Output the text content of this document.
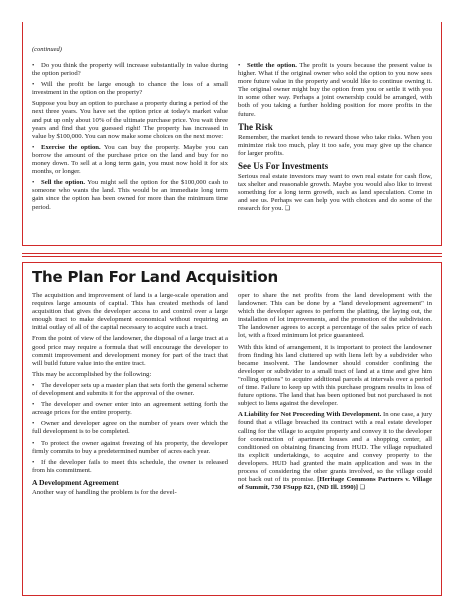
(continued)

• Do you think the property will increase substantially in value during the option period?

• Will the profit be large enough to chance the loss of a small investment in the option on the property?

Suppose you buy an option to purchase a property during a period of the next three years. You have set the option price at today's market value and put up only about 10% of the ultimate purchase price. You wait three years and find that you guessed right! The property has increased in value by $100,000. You can now make some choices on the next move:

• Exercise the option. You can buy the property. Maybe you can borrow the amount of the purchase price on the land and buy for no money down. To sell at a long term gain, you must now hold it for six months, or longer.

• Sell the option. You might sell the option for the $100,000 cash to someone who wants the land. This would be an immediate long term gain since the option has been owned for more than the minimum time period.

• Settle the option. The profit is yours because the present value is higher. What if the original owner who sold the option to you now sees more future value in the property and would like to continue owning it. The original owner might buy the option from you or settle it with you in some other way. Perhaps a joint ownership could be arranged, with both of you taking a further holding position for more profits in the future.

The Risk

Remember, the market tends to reward those who take risks. When you minimize risk too much, play it too safe, you may give up the chance for larger profits.

See Us For Investments

Serious real estate investors may want to own real estate for cash flow, tax shelter and reasonable growth. Maybe you would also like to invest something for a long term growth, such as land speculation. Come in and see us. Perhaps we can help you with choices and do some of the research for you. ❑

The Plan For Land Acquisition

The acquisition and improvement of land is a large-scale operation and requires large amounts of capital. This has created methods of land acquisition that gives the developer access to and control over a large enough tract to make development economical without requiring an initial outlay of all of the capital necessary to acquire such a tract.

From the point of view of the landowner, the disposal of a large tract at a good price may require a formula that will encourage the developer to commit improvement and development money for part of the tract that will build future value into the entire tract.

This may be accomplished by the following:

• The developer sets up a master plan that sets forth the general scheme of development and submits it for the approval of the owner.

• The developer and owner enter into an agreement setting forth the acreage prices for the entire property.

• Owner and developer agree on the number of years over which the full development is to be completed.

• To protect the owner against freezing of his property, the developer firmly commits to buy a predetermined number of acres each year.

• If the developer fails to meet this schedule, the owner is released from his commitment.

A Development Agreement

Another way of handling the problem is for the devel-

oper to share the net profits from the land development with the landowner. This can be done by a "land development agreement" in which the developer agrees to perform the platting, the laying out, the installation of lot improvements, and the promotion of the subdivision. The landowner agrees to accept a percentage of the sales price of each lot, with a fixed minimum lot price guaranteed.

With this kind of arrangement, it is important to protect the landowner from finding his land cluttered up with liens left by a subdivider who became insolvent. The landowner should consider confining the developer or subdivider to a small tract of land at a time and give him "rolling options" to acquire additional parcels at intervals over a period of time. Failure to keep up with this purchase program results in loss of future options. The land that has been optioned but not purchased is not subject to liens against the developer.

A Liability for Not Proceeding With Development. In one case, a jury found that a village breached its contract with a real estate developer calling for the village to acquire property and convey it to the developer for construction of apartment houses and a shopping center, all conditioned on obtaining financing from HUD. The village repudiated its explicit undertakings, to acquire and convey property to the developers. HUD had granted the main application and was in the process of considering the other grants involved, so the village could not back out of its promise. [Heritage Commons Partners v. Village of Summit, 730 FSupp 821, (ND Ill. 1990)] ❑
